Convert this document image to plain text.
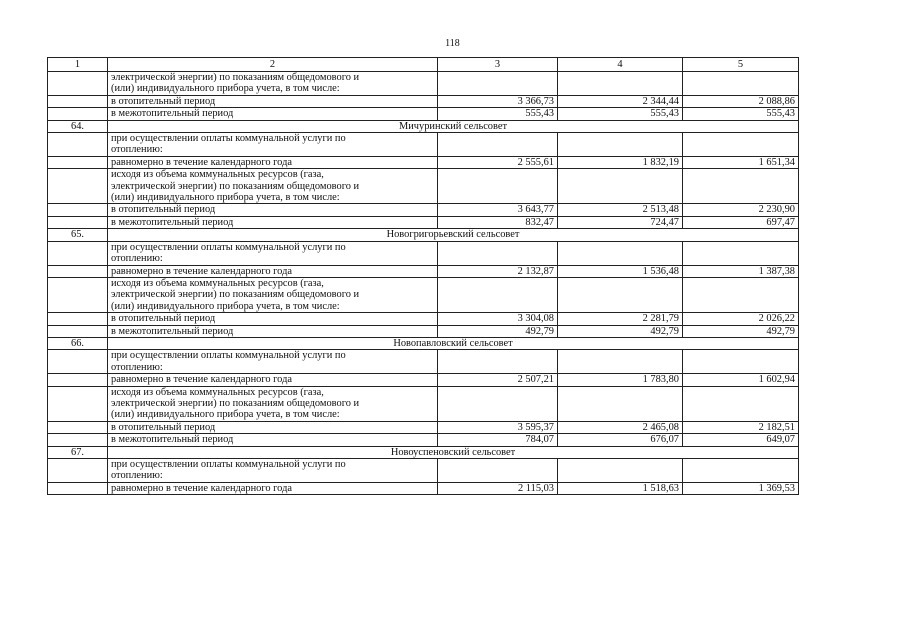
118
1	2	3	4	5

	электрической энергии) по показаниям общедомового и
(или) индивидуального прибора учета, в том числе:			

	в отопительный период	3 366,73	2 344,44	2 088,86
	в межотопительный период	555,43	555,43	555,43
64.	Мичуринский сельсовет			

	при осуществлении оплаты коммунальной услуги по
отоплению:			

	равномерно в течение календарного года	2 555,61	1 832,19	1 651,34

	исходя из объема коммунальных ресурсов (газа,
электрической энергии) по показаниям общедомового и
(или) индивидуального прибора учета, в том числе:			

	в отопительный период	3 643,77	2 513,48	2 230,90
	в межотопительный период	832,47	724,47	697,47
65.	Новогригорьевский сельсовет			

	при осуществлении оплаты коммунальной услуги по
отоплению:			

	равномерно в течение календарного года	2 132,87	1 536,48	1 387,38

	исходя из объема коммунальных ресурсов (газа,
электрической энергии) по показаниям общедомового и
(или) индивидуального прибора учета, в том числе:			

	в отопительный период	3 304,08	2 281,79	2 026,22
	в межотопительный период	492,79	492,79	492,79
66.	Новопавловский сельсовет			

	при осуществлении оплаты коммунальной услуги по
отоплению:			

	равномерно в течение календарного года	2 507,21	1 783,80	1 602,94

	исходя из объема коммунальных ресурсов (газа,
электрической энергии) по показаниям общедомового и
(или) индивидуального прибора учета, в том числе:			

	в отопительный период	3 595,37	2 465,08	2 182,51
	в межотопительный период	784,07	676,07	649,07
67.	Новоуспеновский сельсовет			

	при осуществлении оплаты коммунальной услуги по
отоплению:			

	равномерно в течение календарного года	2 115,03	1 518,63	1 369,53
